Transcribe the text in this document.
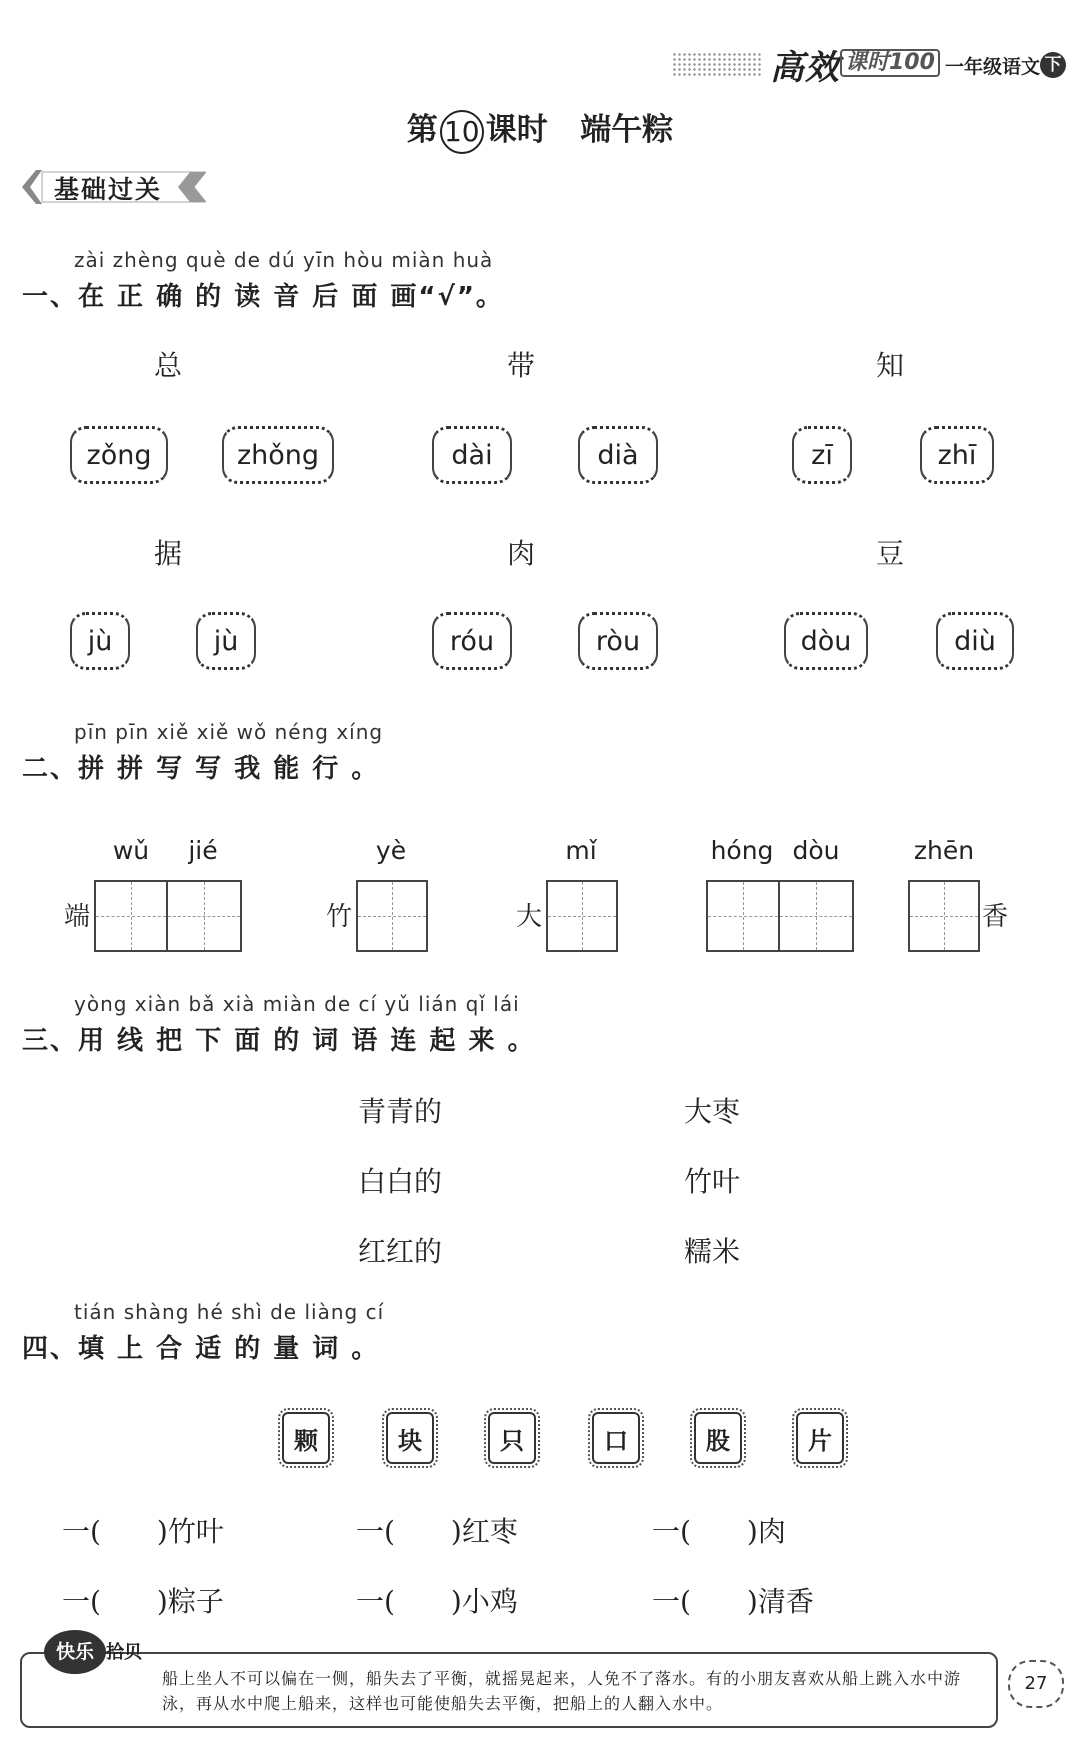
高效 课时100 一年级语文 下
第 10 课时 端午粽
基础过关
zài zhèng què de dú yīn hòu miàn huà
一、在 正 确 的 读 音 后 面 画“√”。
总	带	知
zǒng	zhǒng	dài	dià	zī	zhī
据	肉	豆
jù	jù	róu	ròu	dòu	diù
pīn pīn xiě xiě wǒ néng xíng
二、拼 拼 写 写 我 能 行 。
wǔ	jié
端
yè
竹
mǐ
大
hóng dòu	zhēn
香
yòng xiàn bǎ xià miàn de cí yǔ lián qǐ lái
三、用 线 把 下 面 的 词 语 连 起 来 。
青青的
白白的
红红的
大枣
竹叶
糯米
tián shàng hé shì de liàng cí
四、填 上 合 适 的 量 词 。
颗	块	只	口	股	片
一(　　)竹叶	一(　　)红枣	一(　　)肉
一(　　)粽子	一(　　)小鸡	一(　　)清香
快乐 拾贝
船上坐人不可以偏在一侧，船失去了平衡，就摇晃起来，人免不了落水。有的小朋友喜欢从船上跳入水中游泳，再从水中爬上船来，这样也可能使船失去平衡，把船上的人翻入水中。
27
